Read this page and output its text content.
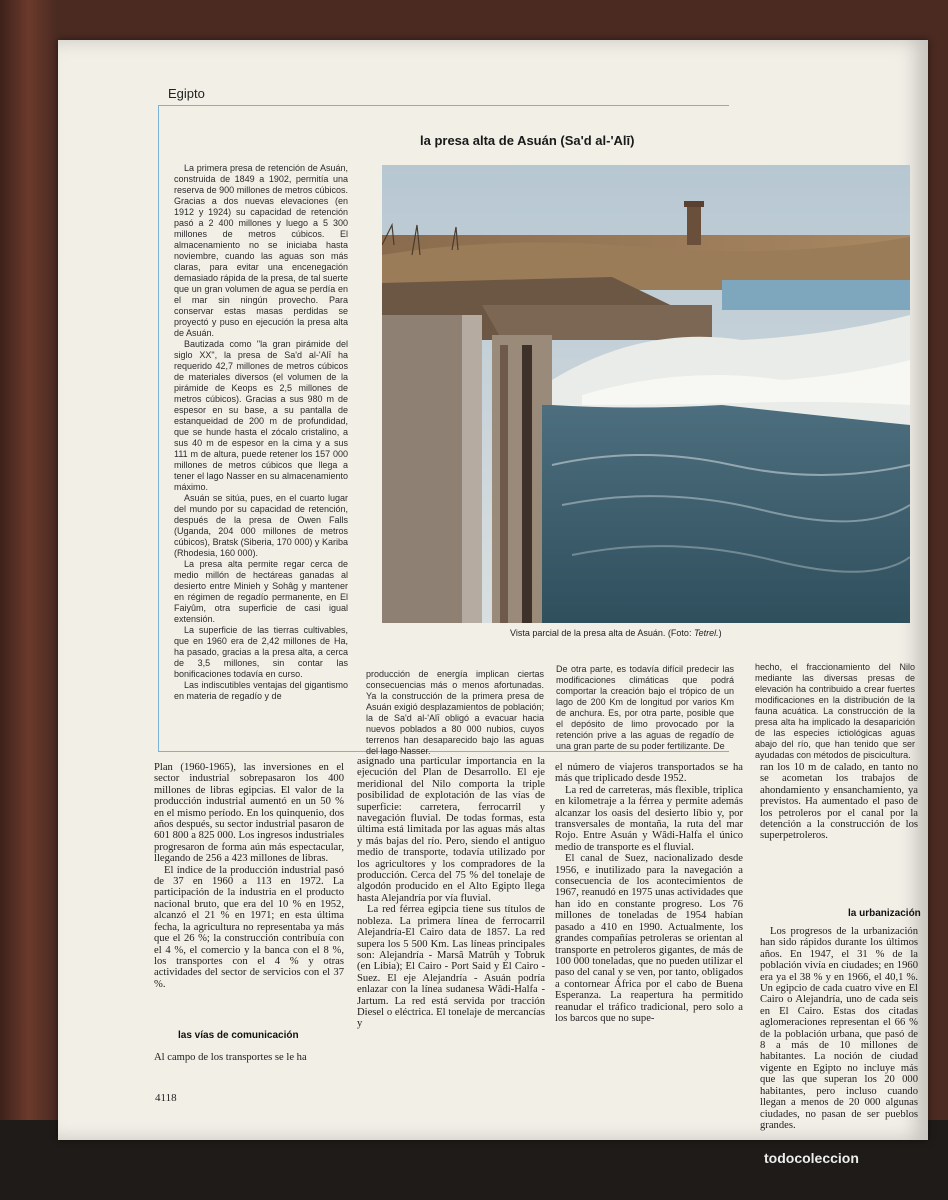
Egipto
la presa alta de Asuán (Sa'd al-'Alī)

La primera presa de retención de Asuán, construida de 1849 a 1902, permitía una reserva de 900 millones de metros cúbicos. Gracias a dos nuevas elevaciones (en 1912 y 1924) su capacidad de retención pasó a 2 400 millones y luego a 5 300 millones de metros cúbicos. El almacenamiento no se iniciaba hasta noviembre, cuando las aguas son más claras, para evitar una encenegación demasiado rápida de la presa, de tal suerte que un gran volumen de agua se perdía en el mar sin ningún provecho. Para conservar estas masas perdidas se proyectó y puso en ejecución la presa alta de Asuán.

Bautizada como "la gran pirámide del siglo XX", la presa de Sa'd al-'Alī ha requerido 42,7 millones de metros cúbicos de materiales diversos (el volumen de la pirámide de Keops es 2,5 millones de metros cúbicos). Gracias a sus 980 m de espesor en su base, a su pantalla de estanqueidad de 200 m de profundidad, que se hunde hasta el zócalo cristalino, a sus 40 m de espesor en la cima y a sus 111 m de altura, puede retener los 157 000 millones de metros cúbicos que llega a tener el lago Nasser en su almacenamiento máximo.

Asuán se sitúa, pues, en el cuarto lugar del mundo por su capacidad de retención, después de la presa de Owen Falls (Uganda, 204 000 millones de metros cúbicos), Bratsk (Siberia, 170 000) y Kariba (Rhodesia, 160 000).

La presa alta permite regar cerca de medio millón de hectáreas ganadas al desierto entre Minieh y Sohâg y mantener en régimen de regadío permanente, en El Faiyûm, otra superficie de casi igual extensión.

La superficie de las tierras cultivables, que en 1960 era de 2,42 millones de Ha, ha pasado, gracias a la presa alta, a cerca de 3,5 millones, sin contar las bonificaciones todavía en curso.

Las indiscutibles ventajas del gigantismo en materia de regadío y de

Vista parcial de la presa alta de Asuán. (Foto: Tetrel.)
producción de energía implican ciertas consecuencias más o menos afortunadas. Ya la construcción de la primera presa de Asuán exigió desplazamientos de población; la de Sa'd al-'Alī obligó a evacuar hacia nuevos poblados a 80 000 nubios, cuyos terrenos han desaparecido bajo las aguas del lago Nasser.
De otra parte, es todavía difícil predecir las modificaciones climáticas que podrá comportar la creación bajo el trópico de un lago de 200 Km de longitud por varios Km de anchura. Es, por otra parte, posible que el depósito de limo provocado por la retención prive a las aguas de regadío de una gran parte de su poder fertilizante. De
hecho, el fraccionamiento del Nilo mediante las diversas presas de elevación ha contribuido a crear fuertes modificaciones en la distribución de la fauna acuática. La construcción de la presa alta ha implicado la desaparición de las especies ictiológicas aguas abajo del río, que han tenido que ser ayudadas con métodos de piscicultura.

Plan (1960-1965), las inversiones en el sector industrial sobrepasaron los 400 millones de libras egipcias. El valor de la producción industrial aumentó en un 50 % en el mismo período. En los quinquenio, dos años después, su sector industrial pasaron de 601 800 a 825 000. Los ingresos industriales progresaron de forma aún más espectacular, llegando de 256 a 423 millones de libras.

El índice de la producción industrial pasó de 37 en 1960 a 113 en 1972. La participación de la industria en el producto nacional bruto, que era del 10 % en 1952, alcanzó el 21 % en 1971; en esta última fecha, la agricultura no representaba ya más que el 26 %; la construcción contribuía con el 4 %, el comercio y la banca con el 8 %, los transportes con el 4 % y otras actividades del sector de servicios con el 37 %.

las vías de comunicación
Al campo de los transportes se le ha

asignado una particular importancia en la ejecución del Plan de Desarrollo. El eje meridional del Nilo comporta la triple posibilidad de explotación de las vías de superficie: carretera, ferrocarril y navegación fluvial. De todas formas, esta última está limitada por las aguas más altas y más bajas del río. Pero, siendo el antiguo medio de transporte, todavía utilizado por los agricultores y los compradores de la producción. Cerca del 75 % del tonelaje de algodón producido en el Alto Egipto llega hasta Alejandría por vía fluvial.

La red férrea egipcia tiene sus títulos de nobleza. La primera línea de ferrocarril Alejandría-El Cairo data de 1857. La red supera los 5 500 Km. Las líneas principales son: Alejandría - Marsâ Matrûh y Tobruk (en Libia); El Cairo - Port Said y El Cairo - Suez. El eje Alejandría - Asuán podría enlazar con la línea sudanesa Wâdi-Halfa - Jartum. La red está servida por tracción Diesel o eléctrica. El tonelaje de mercancías y

el número de viajeros transportados se ha más que triplicado desde 1952.

La red de carreteras, más flexible, triplica en kilometraje a la férrea y permite además alcanzar los oasis del desierto líbio y, por transversales de montaña, la ruta del mar Rojo. Entre Asuán y Wâdi-Halfa el único medio de transporte es el fluvial.

El canal de Suez, nacionalizado desde 1956, e inutilizado para la navegación a consecuencia de los acontecimientos de 1967, reanudó en 1975 unas actividades que han ido en constante progreso. Los 76 millones de toneladas de 1954 habían pasado a 410 en 1990. Actualmente, los grandes compañías petroleras se orientan al transporte en petroleros gigantes, de más de 100 000 toneladas, que no pueden utilizar el paso del canal y se ven, por tanto, obligados a contornear África por el cabo de Buena Esperanza. La reapertura ha permitido reanudar el tráfico tradicional, pero solo a los barcos que no supe-

ran los 10 m de calado, en tanto no se acometan los trabajos de ahondamiento y ensanchamiento, ya previstos. Ha aumentado el paso de los petroleros por el canal por la detención a la construcción de los superpetroleros.

la urbanización

Los progresos de la urbanización han sido rápidos durante los últimos años. En 1947, el 31 % de la población vivía en ciudades; en 1960 era ya el 38 % y en 1966, el 40,1 %. Un egipcio de cada cuatro vive en El Cairo o Alejandría, uno de cada seis en El Cairo. Estas dos citadas aglomeraciones representan el 66 % de la población urbana, que pasó de 8 a más de 10 millones de habitantes. La noción de ciudad vigente en Egipto no incluye más que las que superan los 20 000 habitantes, pero incluso cuando llegan a menos de 20 000 algunas ciudades, no pasan de ser pueblos grandes.

4118
todocoleccion
